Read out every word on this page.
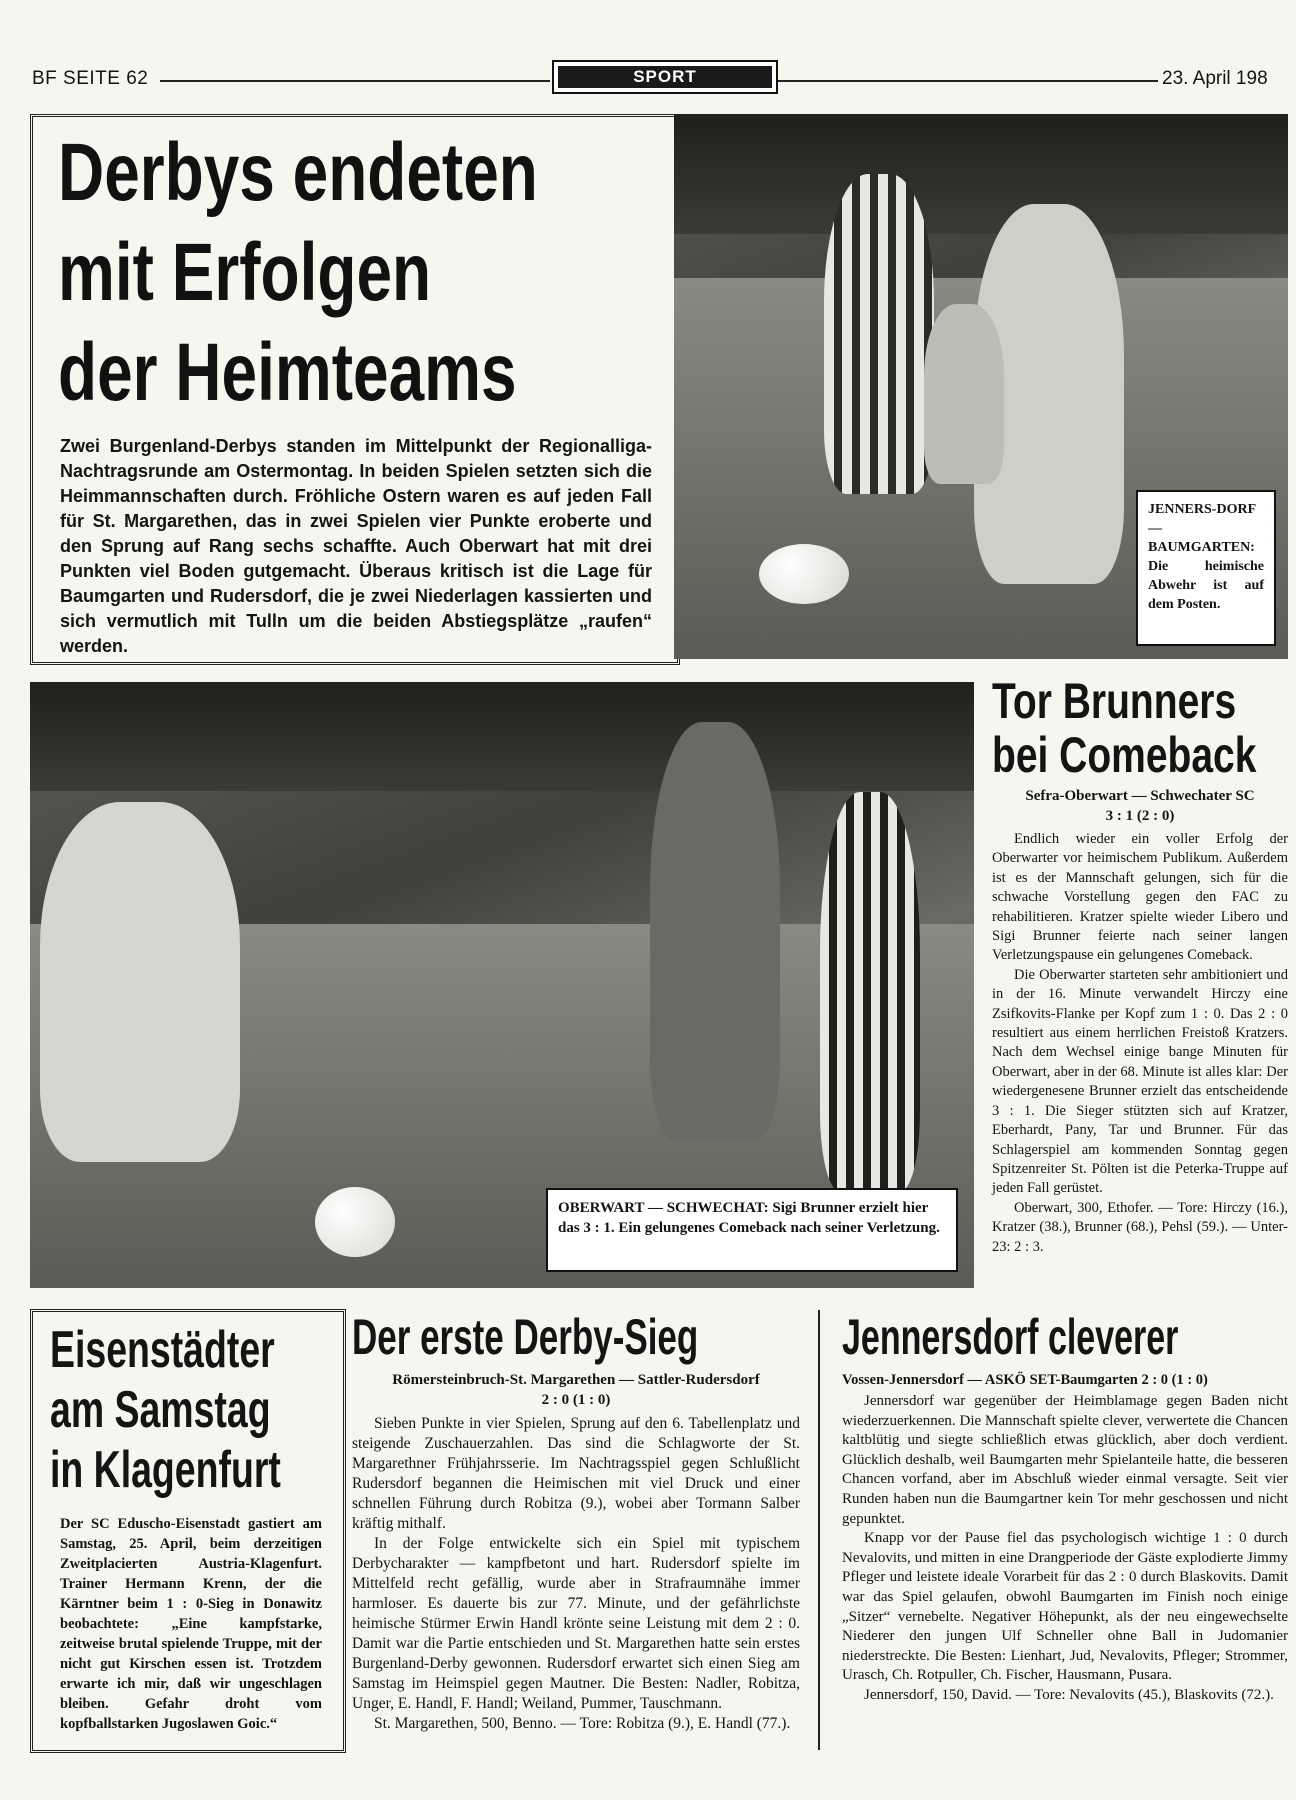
BF SEITE 62	SPORT	23. April 198
Derbys endeten
mit Erfolgen
der Heimteams
Zwei Burgenland-Derbys standen im Mittelpunkt der Regionalliga-Nachtragsrunde am Ostermontag. In beiden Spielen setzten sich die Heimmannschaften durch. Fröhliche Ostern waren es auf jeden Fall für St. Margarethen, das in zwei Spielen vier Punkte eroberte und den Sprung auf Rang sechs schaffte. Auch Oberwart hat mit drei Punkten viel Boden gutgemacht. Überaus kritisch ist die Lage für Baumgarten und Rudersdorf, die je zwei Niederlagen kassierten und sich vermutlich mit Tulln um die beiden Abstiegsplätze „raufen“ werden.
JENNERS-DORF — BAUMGARTEN: Die heimische Abwehr ist auf dem Posten.
OBERWART — SCHWECHAT: Sigi Brunner erzielt hier das 3 : 1. Ein gelungenes Comeback nach seiner Verletzung.
Tor Brunners
bei Comeback
Sefra-Oberwart — Schwechater SC
3 : 1 (2 : 0)

Endlich wieder ein voller Erfolg der Oberwarter vor heimischem Publikum. Außerdem ist es der Mannschaft gelungen, sich für die schwache Vorstellung gegen den FAC zu rehabilitieren. Kratzer spielte wieder Libero und Sigi Brunner feierte nach seiner langen Verletzungspause ein gelungenes Comeback.

Die Oberwarter starteten sehr ambitioniert und in der 16. Minute verwandelt Hirczy eine Zsifkovits-Flanke per Kopf zum 1 : 0. Das 2 : 0 resultiert aus einem herrlichen Freistoß Kratzers. Nach dem Wechsel einige bange Minuten für Oberwart, aber in der 68. Minute ist alles klar: Der wiedergenesene Brunner erzielt das entscheidende 3 : 1. Die Sieger stützten sich auf Kratzer, Eberhardt, Pany, Tar und Brunner. Für das Schlagerspiel am kommenden Sonntag gegen Spitzenreiter St. Pölten ist die Peterka-Truppe auf jeden Fall gerüstet.

Oberwart, 300, Ethofer. — Tore: Hirczy (16.), Kratzer (38.), Brunner (68.), Pehsl (59.). — Unter-23: 2 : 3.

Eisenstädter
am Samstag
in Klagenfurt
Der SC Eduscho-Eisenstadt gastiert am Samstag, 25. April, beim derzeitigen Zweitplacierten Austria-Klagenfurt. Trainer Hermann Krenn, der die Kärntner beim 1 : 0-Sieg in Donawitz beobachtete: „Eine kampfstarke, zeitweise brutal spielende Truppe, mit der nicht gut Kirschen essen ist. Trotzdem erwarte ich mir, daß wir ungeschlagen bleiben. Gefahr droht vom kopfballstarken Jugoslawen Goic.“
Der erste Derby-Sieg
Römersteinbruch-St. Margarethen — Sattler-Rudersdorf
2 : 0 (1 : 0)

Sieben Punkte in vier Spielen, Sprung auf den 6. Tabellenplatz und steigende Zuschauerzahlen. Das sind die Schlagworte der St. Margarethner Frühjahrsserie. Im Nachtragsspiel gegen Schlußlicht Rudersdorf begannen die Heimischen mit viel Druck und einer schnellen Führung durch Robitza (9.), wobei aber Tormann Salber kräftig mithalf.

In der Folge entwickelte sich ein Spiel mit typischem Derbycharakter — kampfbetont und hart. Rudersdorf spielte im Mittelfeld recht gefällig, wurde aber in Strafraumnähe immer harmloser. Es dauerte bis zur 77. Minute, und der gefährlichste heimische Stürmer Erwin Handl krönte seine Leistung mit dem 2 : 0. Damit war die Partie entschieden und St. Margarethen hatte sein erstes Burgenland-Derby gewonnen. Rudersdorf erwartet sich einen Sieg am Samstag im Heimspiel gegen Mautner. Die Besten: Nadler, Robitza, Unger, E. Handl, F. Handl; Weiland, Pummer, Tauschmann.

St. Margarethen, 500, Benno. — Tore: Robitza (9.), E. Handl (77.).

Jennersdorf cleverer
Vossen-Jennersdorf — ASKÖ SET-Baumgarten 2 : 0 (1 : 0)

Jennersdorf war gegenüber der Heimblamage gegen Baden nicht wiederzuerkennen. Die Mannschaft spielte clever, verwertete die Chancen kaltblütig und siegte schließlich etwas glücklich, aber doch verdient. Glücklich deshalb, weil Baumgarten mehr Spielanteile hatte, die besseren Chancen vorfand, aber im Abschluß wieder einmal versagte. Seit vier Runden haben nun die Baumgartner kein Tor mehr geschossen und nicht gepunktet.

Knapp vor der Pause fiel das psychologisch wichtige 1 : 0 durch Nevalovits, und mitten in eine Drangperiode der Gäste explodierte Jimmy Pfleger und leistete ideale Vorarbeit für das 2 : 0 durch Blaskovits. Damit war das Spiel gelaufen, obwohl Baumgarten im Finish noch einige „Sitzer“ vernebelte. Negativer Höhepunkt, als der neu eingewechselte Niederer den jungen Ulf Schneller ohne Ball in Judomanier niederstreckte. Die Besten: Lienhart, Jud, Nevalovits, Pfleger; Strommer, Urasch, Ch. Rotpuller, Ch. Fischer, Hausmann, Pusara.

Jennersdorf, 150, David. — Tore: Nevalovits (45.), Blaskovits (72.).
